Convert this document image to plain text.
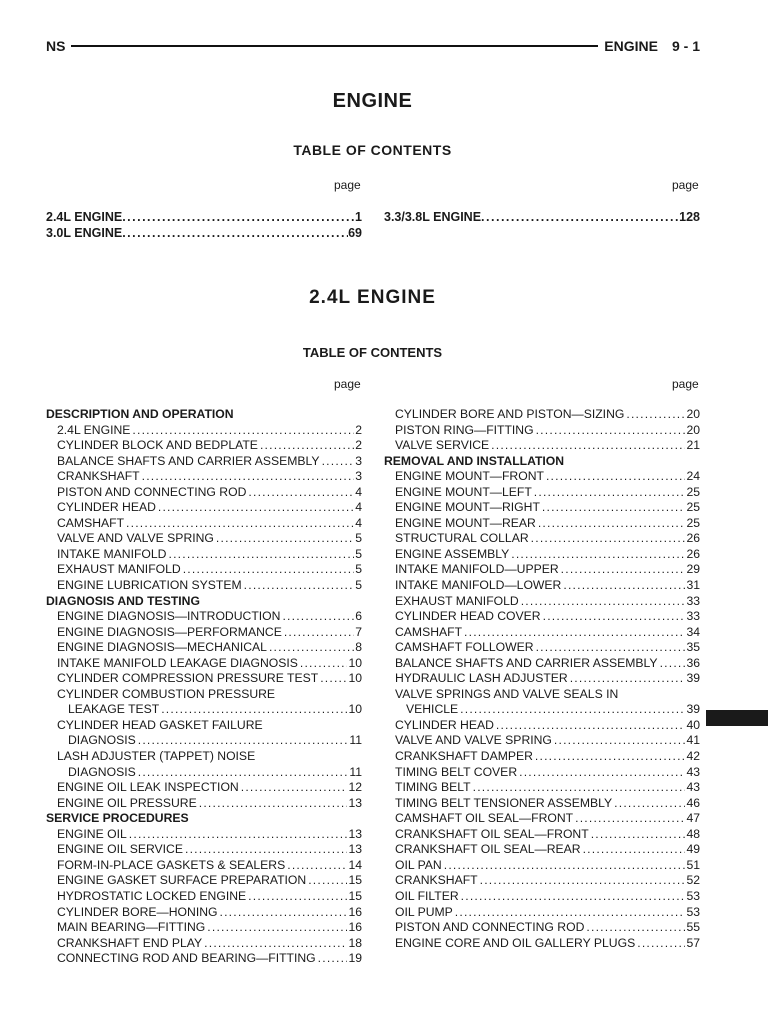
NS	ENGINE 9 - 1
ENGINE
TABLE OF CONTENTS
page	page
2.4L ENGINE .....	1
3.0L ENGINE .....	69
3.3/3.8L ENGINE .....	128
2.4L ENGINE
TABLE OF CONTENTS
page	page
DESCRIPTION AND OPERATION
2.4L ENGINE .....	2
CYLINDER BLOCK AND BEDPLATE .....	2
BALANCE SHAFTS AND CARRIER ASSEMBLY .....	3
CRANKSHAFT .....	3
PISTON AND CONNECTING ROD .....	4
CYLINDER HEAD .....	4
CAMSHAFT .....	4
VALVE AND VALVE SPRING .....	5
INTAKE MANIFOLD .....	5
EXHAUST MANIFOLD .....	5
ENGINE LUBRICATION SYSTEM .....	5
DIAGNOSIS AND TESTING
ENGINE DIAGNOSIS—INTRODUCTION .....	6
ENGINE DIAGNOSIS—PERFORMANCE .....	7
ENGINE DIAGNOSIS—MECHANICAL .....	8
INTAKE MANIFOLD LEAKAGE DIAGNOSIS .....	10
CYLINDER COMPRESSION PRESSURE TEST ..... 10
CYLINDER COMBUSTION PRESSURE
LEAKAGE TEST .....	10
CYLINDER HEAD GASKET FAILURE
DIAGNOSIS .....	11
LASH ADJUSTER (TAPPET) NOISE
DIAGNOSIS .....	11
ENGINE OIL LEAK INSPECTION .....	12
ENGINE OIL PRESSURE .....	13
SERVICE PROCEDURES
ENGINE OIL .....	13
ENGINE OIL SERVICE .....	13
FORM-IN-PLACE GASKETS & SEALERS .....	14
ENGINE GASKET SURFACE PREPARATION .....	15
HYDROSTATIC LOCKED ENGINE .....	15
CYLINDER BORE—HONING .....	16
MAIN BEARING—FITTING .....	16
CRANKSHAFT END PLAY .....	18
CONNECTING ROD AND BEARING—FITTING .....	19
CYLINDER BORE AND PISTON—SIZING .....	20
PISTON RING—FITTING .....	20
VALVE SERVICE .....	21
REMOVAL AND INSTALLATION
ENGINE MOUNT—FRONT .....	24
ENGINE MOUNT—LEFT .....	25
ENGINE MOUNT—RIGHT .....	25
ENGINE MOUNT—REAR .....	25
STRUCTURAL COLLAR .....	26
ENGINE ASSEMBLY .....	26
INTAKE MANIFOLD—UPPER .....	29
INTAKE MANIFOLD—LOWER .....	31
EXHAUST MANIFOLD .....	33
CYLINDER HEAD COVER .....	33
CAMSHAFT .....	34
CAMSHAFT FOLLOWER .....	35
BALANCE SHAFTS AND CARRIER ASSEMBLY ..... 36
HYDRAULIC LASH ADJUSTER .....	39
VALVE SPRINGS AND VALVE SEALS IN
VEHICLE .....	39
CYLINDER HEAD .....	40
VALVE AND VALVE SPRING .....	41
CRANKSHAFT DAMPER .....	42
TIMING BELT COVER .....	43
TIMING BELT .....	43
TIMING BELT TENSIONER ASSEMBLY .....	46
CAMSHAFT OIL SEAL—FRONT .....	47
CRANKSHAFT OIL SEAL—FRONT .....	48
CRANKSHAFT OIL SEAL—REAR .....	49
OIL PAN .....	51
CRANKSHAFT .....	52
OIL FILTER .....	53
OIL PUMP .....	53
PISTON AND CONNECTING ROD .....	55
ENGINE CORE AND OIL GALLERY PLUGS .....	57
